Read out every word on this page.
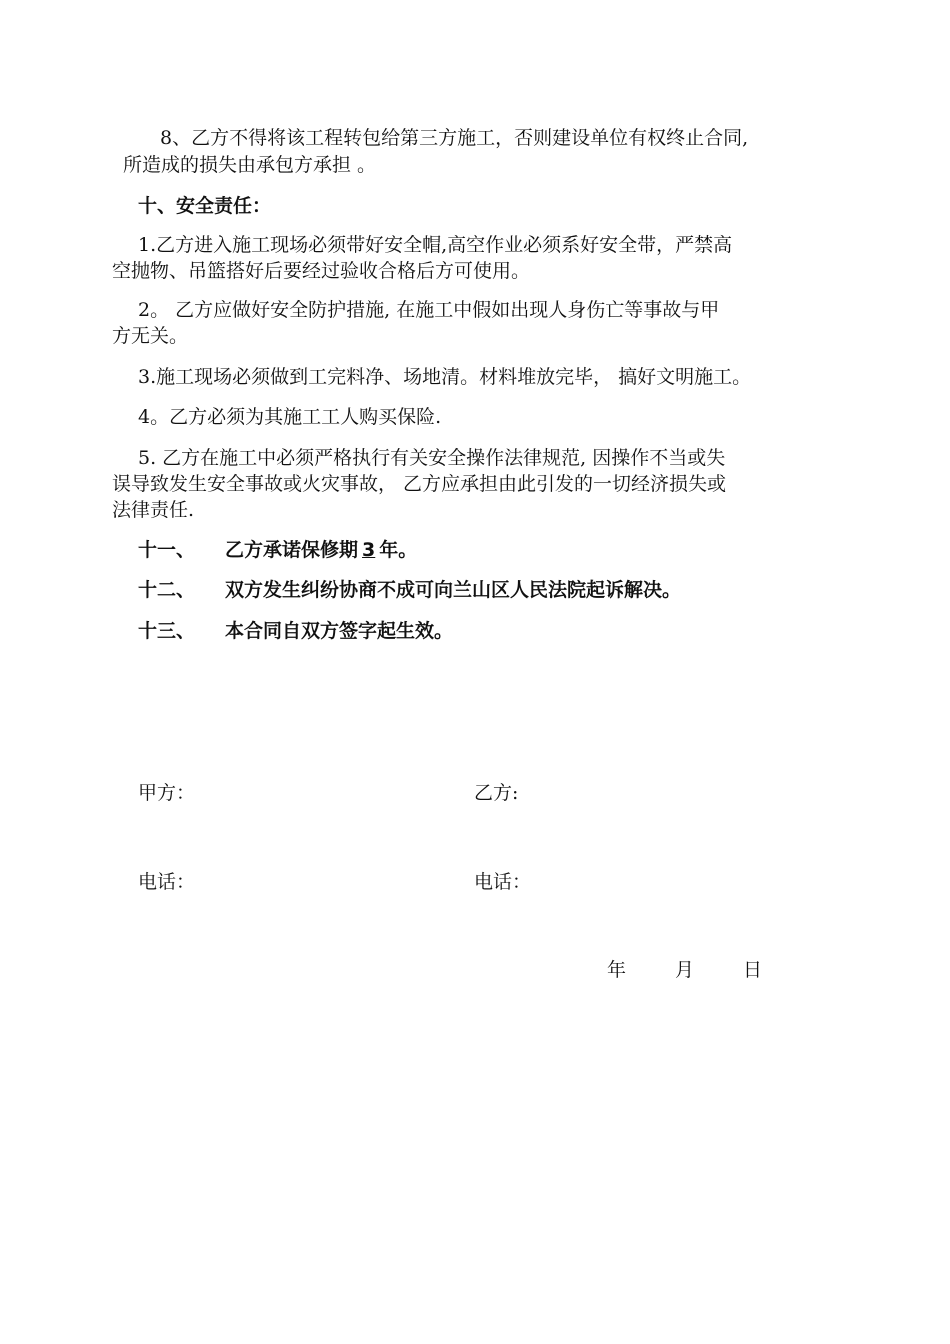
8、乙方不得将该工程转包给第三方施工，否则建设单位有权终止合同,
所造成的损失由承包方承担 。
十、安全责任：
1.乙方进入施工现场必须带好安全帽,高空作业必须系好安全带，严禁高
空抛物、吊篮搭好后要经过验收合格后方可使用。
2。 乙方应做好安全防护措施, 在施工中假如出现人身伤亡等事故与甲
方无关。
3.施工现场必须做到工完料净、场地清。材料堆放完毕， 搞好文明施工。
4。乙方必须为其施工工人购买保险.
5. 乙方在施工中必须严格执行有关安全操作法律规范, 因操作不当或失
误导致发生安全事故或火灾事故， 乙方应承担由此引发的一切经济损失或
法律责任.
十一、 乙方承诺保修期 3 年。
十二、 双方发生纠纷协商不成可向兰山区人民法院起诉解决。
十三、 本合同自双方签字起生效。
甲方：	乙方:
电话：	电话：
年	月	日
